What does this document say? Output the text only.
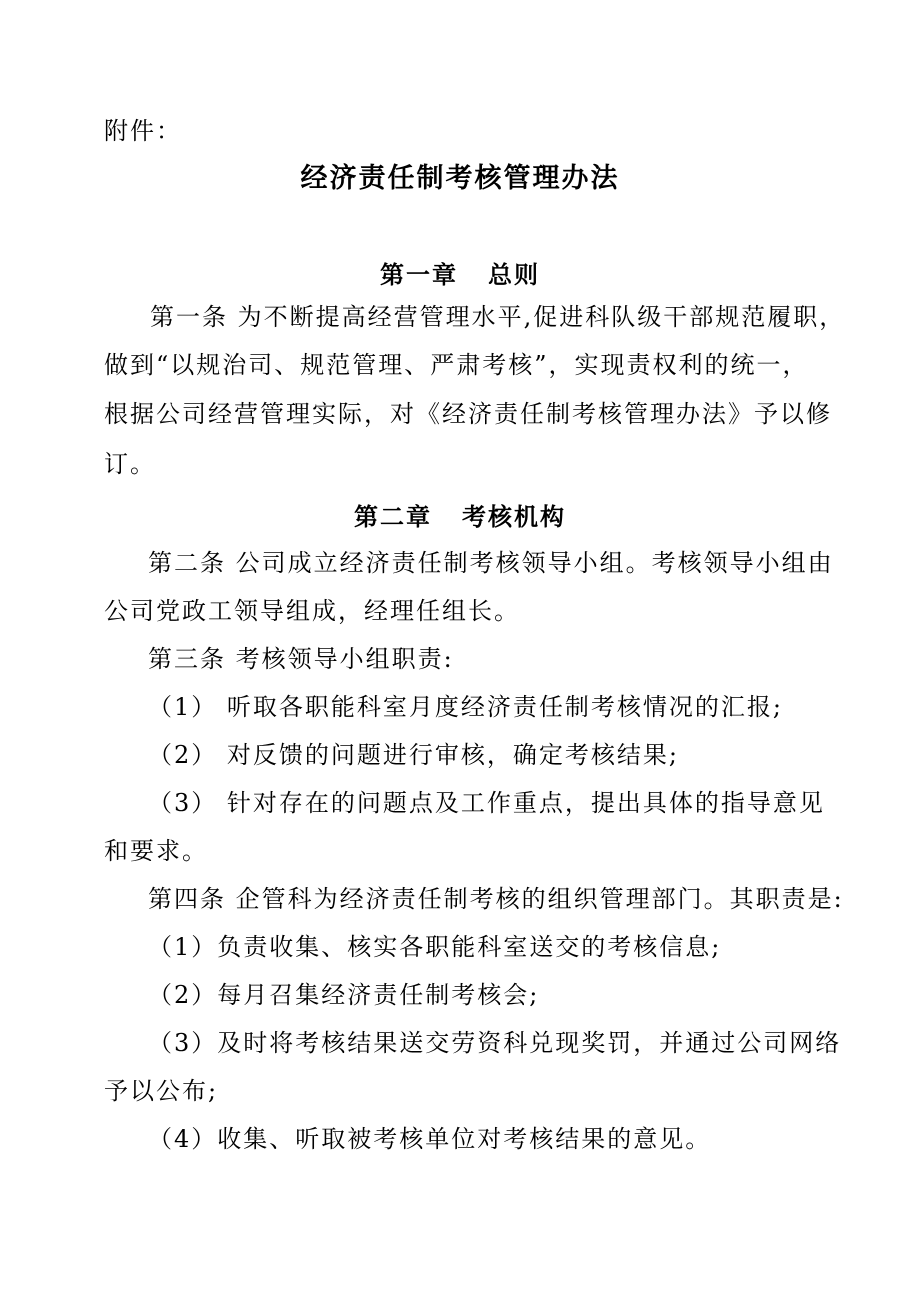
附件：
经济责任制考核管理办法
第一章 总则
第一条 为不断提高经营管理水平,促进科队级干部规范履职，
做到“以规治司、规范管理、严肃考核”，实现责权利的统一，
根据公司经营管理实际，对《经济责任制考核管理办法》予以修
订。
第二章 考核机构
第二条 公司成立经济责任制考核领导小组。考核领导小组由
公司党政工领导组成，经理任组长。
第三条 考核领导小组职责:
（1） 听取各职能科室月度经济责任制考核情况的汇报;
（2） 对反馈的问题进行审核，确定考核结果;
（3） 针对存在的问题点及工作重点，提出具体的指导意见
和要求。
第四条 企管科为经济责任制考核的组织管理部门。其职责是:
（1）负责收集、核实各职能科室送交的考核信息;
（2）每月召集经济责任制考核会;
（3）及时将考核结果送交劳资科兑现奖罚，并通过公司网络
予以公布;
（4）收集、听取被考核单位对考核结果的意见。
